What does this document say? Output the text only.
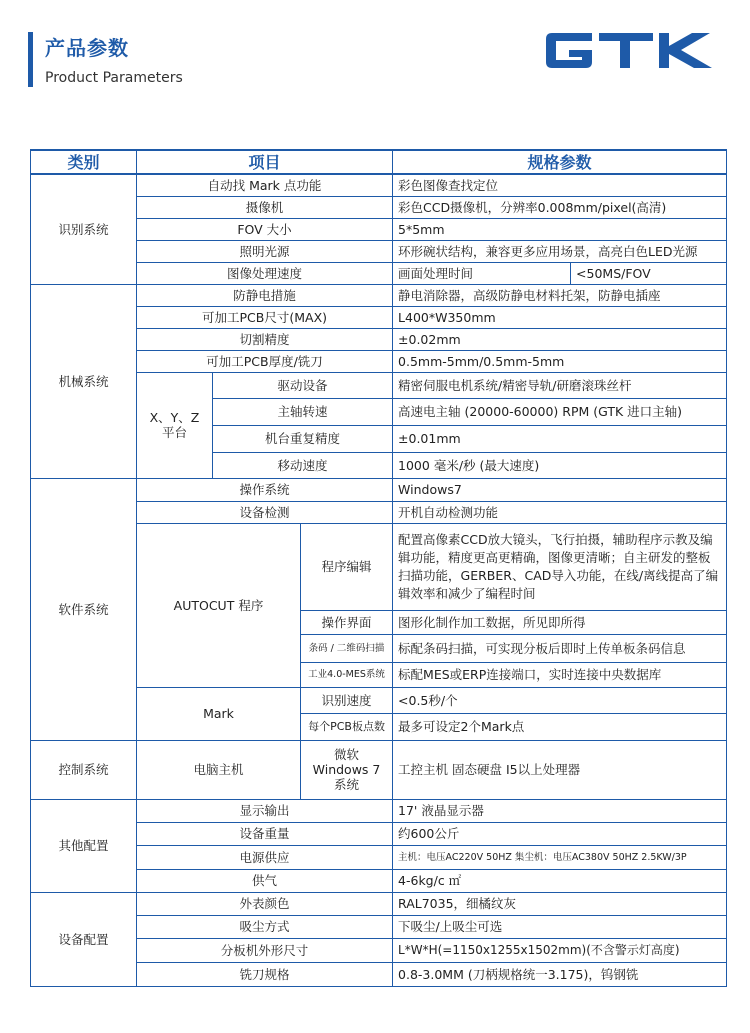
产品参数
Product Parameters
类别	项目			规格参数	
识别系统	自动找 Mark 点功能			彩色图像查找定位	
	摄像机			彩色CCD摄像机，分辨率0.008mm/pixel(高清)	
	FOV 大小			5*5mm	
	照明光源			环形碗状结构，兼容更多应用场景，高亮白色LED光源	
	图像处理速度			画面处理时间	<50MS/FOV
机械系统	防静电措施			静电消除器，高级防静电材料托架，防静电插座	
	可加工PCB尺寸(MAX)			L400*W350mm	
	切割精度			±0.02mm	
	可加工PCB厚度/铣刀			0.5mm-5mm/0.5mm-5mm	
	X、Y、Z 平台	驱动设备		精密伺服电机系统/精密导轨/研磨滚珠丝杆	
		主轴转速		高速电主轴 (20000-60000) RPM (GTK 进口主轴)	
		机台重复精度		±0.01mm	
		移动速度		1000 毫米/秒 (最大速度)	
软件系统	操作系统			Windows7	
	设备检测			开机自动检测功能	
	AUTOCUT 程序		程序编辑	配置高像素CCD放大镜头，飞行拍摄，辅助程序示教及编辑功能，精度更高更精确，图像更清晰；自主研发的整板扫描功能，GERBER、CAD导入功能，在线/离线提高了编辑效率和减少了编程时间	
			操作界面	图形化制作加工数据，所见即所得	
			条码 / 二维码扫描	标配条码扫描，可实现分板后即时上传单板条码信息	
			工业4.0-MES系统	标配MES或ERP连接端口，实时连接中央数据库	
	Mark		识别速度	<0.5秒/个	
			每个PCB板点数	最多可设定2个Mark点	
控制系统	电脑主机		微软 Windows 7 系统	工控主机 固态硬盘 I5以上处理器	
其他配置	显示输出			17' 液晶显示器	
	设备重量			约600公斤	
	电源供应			主机：电压AC220V 50HZ 集尘机：电压AC380V 50HZ 2.5KW/3P	
	供气			4-6kg/c ㎡	
设备配置	外表颜色			RAL7035，细橘纹灰	
	吸尘方式			下吸尘/上吸尘可选	
	分板机外形尺寸			L*W*H(=1150x1255x1502mm)(不含警示灯高度)	
	铣刀规格			0.8-3.0MM (刀柄规格统一3.175)，钨钢铣	
